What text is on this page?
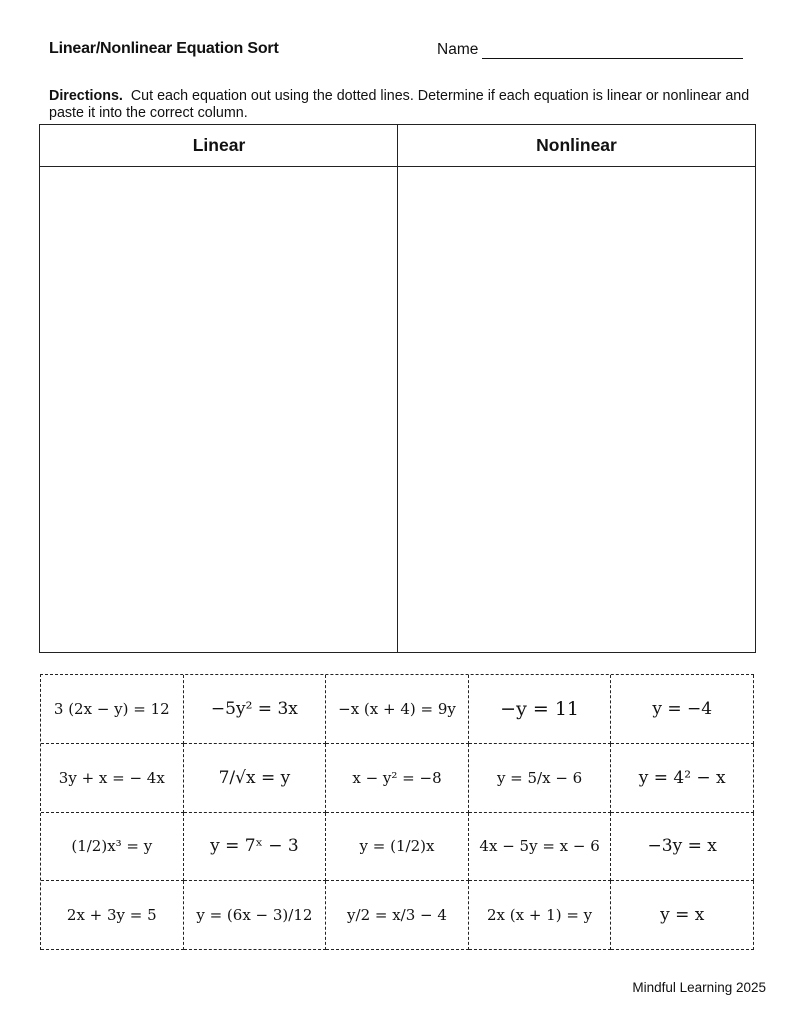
Linear/Nonlinear Equation Sort	Name
Directions. Cut each equation out using the dotted lines. Determine if each equation is linear or nonlinear and paste it into the correct column.
Linear	Nonlinear
3 (2x − y) = 12	−5y² = 3x	−x (x + 4) = 9y	−y = 11	y = −4
3y + x = − 4x	7/√x = y	x − y² = −8	y = 5/x − 6	y = 4² − x
(1/2)x³ = y	y = 7ˣ − 3	y = (1/2)x	4x − 5y = x − 6	−3y = x
2x + 3y = 5	y = (6x − 3)/12	y/2 = x/3 − 4	2x (x + 1) = y	y = x
Mindful Learning 2025
